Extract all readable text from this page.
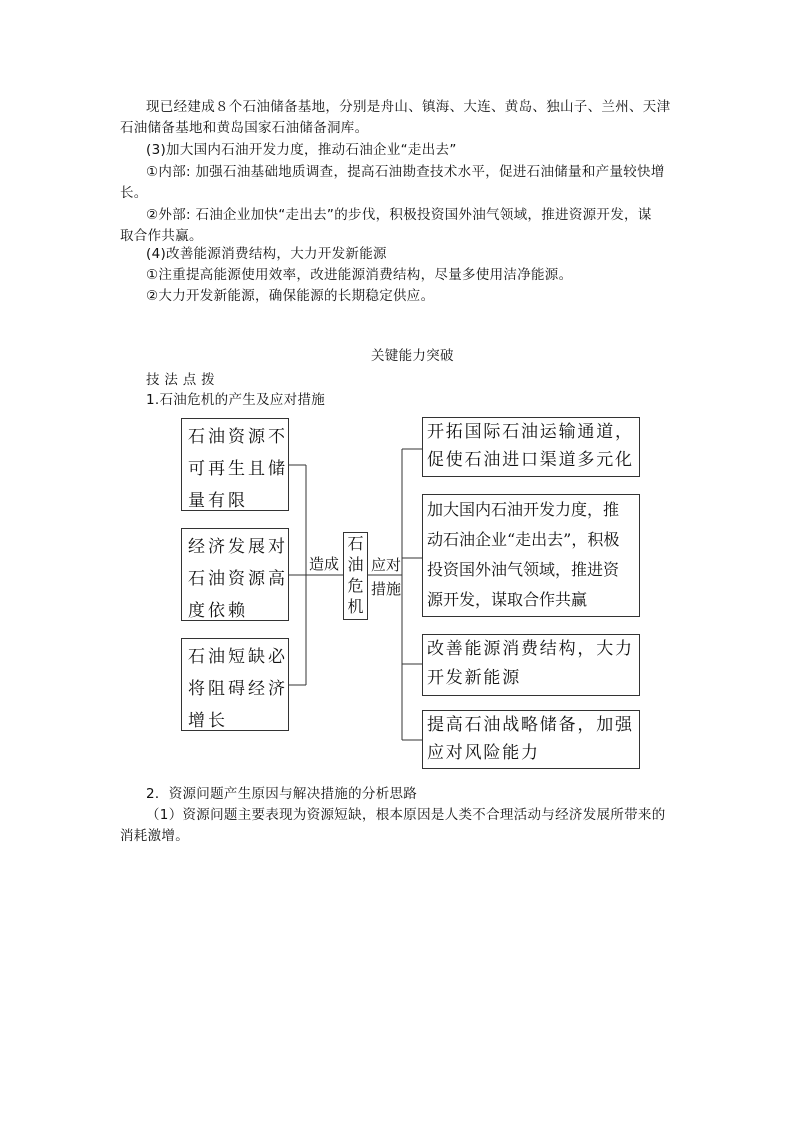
现已经建成８个石油储备基地，分别是舟山、镇海、大连、黄岛、独山子、兰州、天津
石油储备基地和黄岛国家石油储备洞库。
(3)加大国内石油开发力度，推动石油企业“走出去”
①内部: 加强石油基础地质调查，提高石油勘查技术水平，促进石油储量和产量较快增
长。
②外部: 石油企业加快“走出去”的步伐，积极投资国外油气领域，推进资源开发，谋
取合作共赢。
(4)改善能源消费结构，大力开发新能源
①注重提高能源使用效率，改进能源消费结构，尽量多使用洁净能源。
②大力开发新能源，确保能源的长期稳定供应。
关键能力突破
技 法 点 拨
1.石油危机的产生及应对措施
石油资源不
可再生且储
量有限
经济发展对
石油资源高
度依赖
石油短缺必
将阻碍经济
增长
造成
石
油
危
机
应对
措施
开拓国际石油运输通道，
促使石油进口渠道多元化
加大国内石油开发力度，推
动石油企业“走出去”，积极
投资国外油气领域，推进资
源开发，谋取合作共赢
改善能源消费结构，大力
开发新能源
提高石油战略储备，加强
应对风险能力
2．资源问题产生原因与解决措施的分析思路
（1）资源问题主要表现为资源短缺，根本原因是人类不合理活动与经济发展所带来的
消耗激增。
